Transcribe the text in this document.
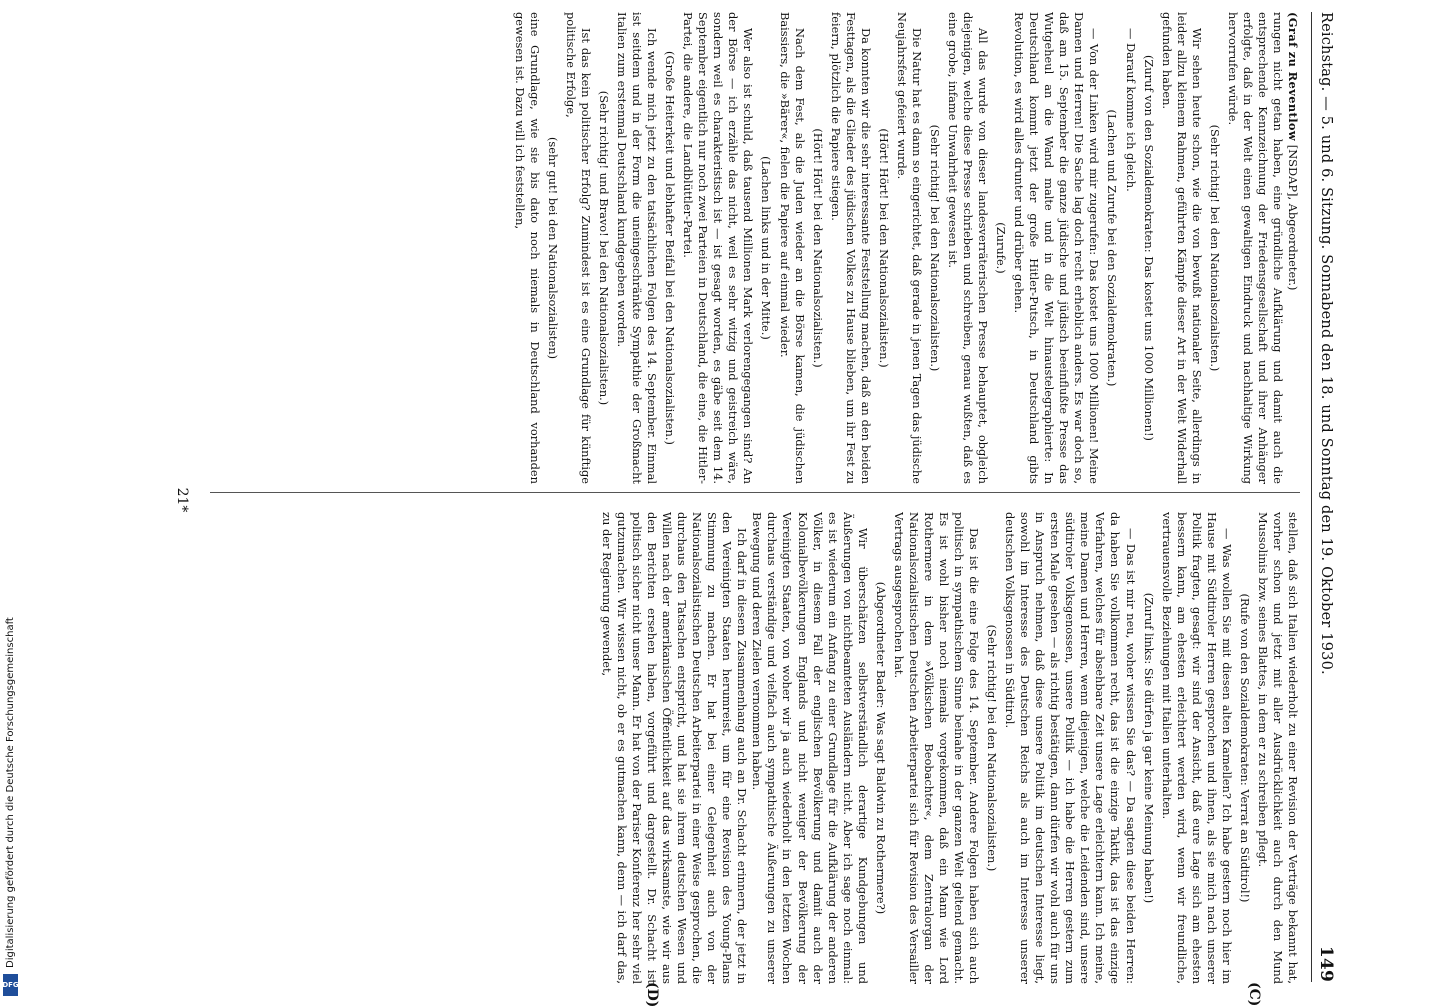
Digitalisierung gefördert durch die Deutsche Forschungsgemeinschaft
DFG
Reichstag. — 5. und 6. Sitzung. Sonnabend den 18. und Sonntag den 19. Oktober 1930.
149
(C)
(D)

(Graf zu Reventlow [NSDAP], Abgeordneter.)

rungen nicht getan haben, eine gründliche Aufklärung und damit auch die entsprechende Kennzeichnung der Friedensgesellschaft und ihrer Anhänger erfolgte, daß in der Welt einen gewaltigen Eindruck und nachhaltige Wirkung hervorrufen würde.

(Sehr richtig! bei den Nationalsozialisten.)

Wir sehen heute schon, wie die von bewußt nationaler Seite, allerdings in leider allzu kleinem Rahmen, geführten Kämpfe dieser Art in der Welt Widerhall gefunden haben.

(Zuruf von den Sozialdemokraten: Das kostet uns 1000 Millionen!)

— Darauf komme ich gleich.

(Lachen und Zurufe bei den Sozialdemokraten.)

— Von der Linken wird mir zugerufen: Das kostet uns 1000 Millionen! Meine Damen und Herren! Die Sache lag doch recht erheblich anders. Es war doch so, daß am 15. September die ganze jüdische und jüdisch beeinflußte Presse das Wutgeheul an die Wand malte und in die Welt hinaustelegraphierte: In Deutschland kommt jetzt der große Hitler-Putsch, in Deutschland gibts Revolution, es wird alles drunter und drüber gehen.

(Zurufe.)

All das wurde von dieser landesverräterischen Presse behauptet, obgleich diejenigen, welche diese Presse schrieben und schreiben, genau wußten, daß es eine grobe, infame Unwahrheit gewesen ist.

(Sehr richtig! bei den Nationalsozialisten.)

Die Natur hat es dann so eingerichtet, daß gerade in jenen Tagen das jüdische Neujahrsfest gefeiert wurde.

(Hört! Hört! bei den Nationalsozialisten.)

Da konnten wir die sehr interessante Feststellung machen, daß an den beiden Festtagen, als die Glieder des jüdischen Volkes zu Hause blieben, um ihr Fest zu feiern, plötzlich die Papiere stiegen.

(Hört! Hört! bei den Nationalsozialisten.)

Nach dem Fest, als die Juden wieder an die Börse kamen, die jüdischen Baissiers, die »Bärer«, fielen die Papiere auf einmal wieder.

(Lachen links und in der Mitte.)

Wer also ist schuld, daß tausend Millionen Mark verlorengegangen sind? An der Börse — ich erzähle das nicht, weil es sehr witzig und geistreich wäre, sondern weil es charakteristisch ist — ist gesagt worden, es gäbe seit dem 14. September eigentlich nur noch zwei Parteien in Deutschland, die eine, die Hitler-Partei, die andere, die Landblüttler-Partei.

(Große Heiterkeit und lebhafter Beifall bei den Nationalsozialisten.)

Ich wende mich jetzt zu den tatsächlichen Folgen des 14. September. Einmal ist seitdem und in der Form die uneingeschränkte Sympathie der Großmacht Italien zum erstenmal Deutschland kundgegeben worden.

(Sehr richtig! und Bravo! bei den Nationalsozialisten.)

Ist das kein politischer Erfolg? Zumindest ist es eine Grundlage für künftige politische Erfolge,

(sehr gut! bei den Nationalsozialisten)

eine Grundlage, wie sie bis dato noch niemals in Deutschland vorhanden gewesen ist. Dazu will ich feststellen,

stellen, daß sich Italien wiederholt zu einer Revision der Verträge bekannt hat, vorher schon und jetzt mit aller Ausdrücklichkeit auch durch den Mund Mussolinis bzw. seines Blattes, in dem er zu schreiben pflegt.

(Rufe von den Sozialdemokraten: Verrat an Südtirol!)

— Was wollen Sie mit diesen alten Kamellen? Ich habe gestern noch hier im Hause mit Südtiroler Herren gesprochen und ihnen, als sie mich nach unserer Politik fragten, gesagt: wir sind der Ansicht, daß eure Lage sich am ehesten bessern kann, am ehesten erleichtert werden wird, wenn wir freundliche, vertrauensvolle Beziehungen mit Italien unterhalten.

(Zuruf links: Sie dürfen ja gar keine Meinung haben!)

— Das ist mir neu, woher wissen Sie das? — Da sagten diese beiden Herren: da haben Sie vollkommen recht, das ist die einzige Taktik, das ist das einzige Verfahren, welches für absehbare Zeit unsere Lage erleichtern kann. Ich meine, meine Damen und Herren, wenn diejenigen, welche die Leidenden sind, unsere südtiroler Volksgenossen, unsere Politik — ich habe die Herren gestern zum ersten Male gesehen — als richtig bestätigen, dann dürfen wir wohl auch für uns in Anspruch nehmen, daß diese unsere Politik im deutschen Interesse liegt, sowohl im Interesse des Deutschen Reichs als auch im Interesse unserer deutschen Volksgenossen in Südtirol.

(Sehr richtig! bei den Nationalsozialisten.)

Das ist die eine Folge des 14. September. Andere Folgen haben sich auch politisch in sympathischem Sinne beinahe in der ganzen Welt geltend gemacht. Es ist wohl bisher noch niemals vorgekommen, daß ein Mann wie Lord Rothermere in dem »Völkischen Beobachter«, dem Zentralorgan der Nationalsozialistischen Deutschen Arbeiterpartei sich für Revision des Versailler Vertrags ausgesprochen hat.

(Abgeordneter Bader: Was sagt Baldwin zu Rothermere?)

Wir überschätzen selbstverständlich derartige Kundgebungen und Äußerungen von nichtbeamteten Ausländern nicht. Aber ich sage noch einmal: es ist wiederum ein Anfang zu einer Grundlage für die Aufklärung der anderen Völker, in diesem Fall der englischen Bevölkerung und damit auch der Kolonialbevölkerungen Englands und nicht weniger der Bevölkerung der Vereinigten Staaten, von woher wir ja auch wiederholt in den letzten Wochen durchaus verständige und vielfach auch sympathische Äußerungen zu unserer Bewegung und deren Zielen vernommen haben.

Ich darf in diesem Zusammenhang auch an Dr. Schacht erinnern, der jetzt in den Vereinigten Staaten herumreist, um für eine Revision des Young-Plans Stimmung zu machen. Er hat bei einer Gelegenheit auch von der Nationalsozialistischen Deutschen Arbeiterpartei in einer Weise gesprochen, die durchaus den Tatsachen entspricht, und hat sie ihrem deutschen Wesen und Willen nach der amerikanischen Öffentlichkeit auf das wirksamste, wie wir aus den Berichten ersehen haben, vorgeführt und dargestellt. Dr. Schacht ist politisch sicher nicht unser Mann. Er hat von der Pariser Konferenz her sehr viel gutzumachen. Wir wissen nicht, ob er es gutmachen kann, denn — ich darf das, zu der Regierung gewendet,

21*
